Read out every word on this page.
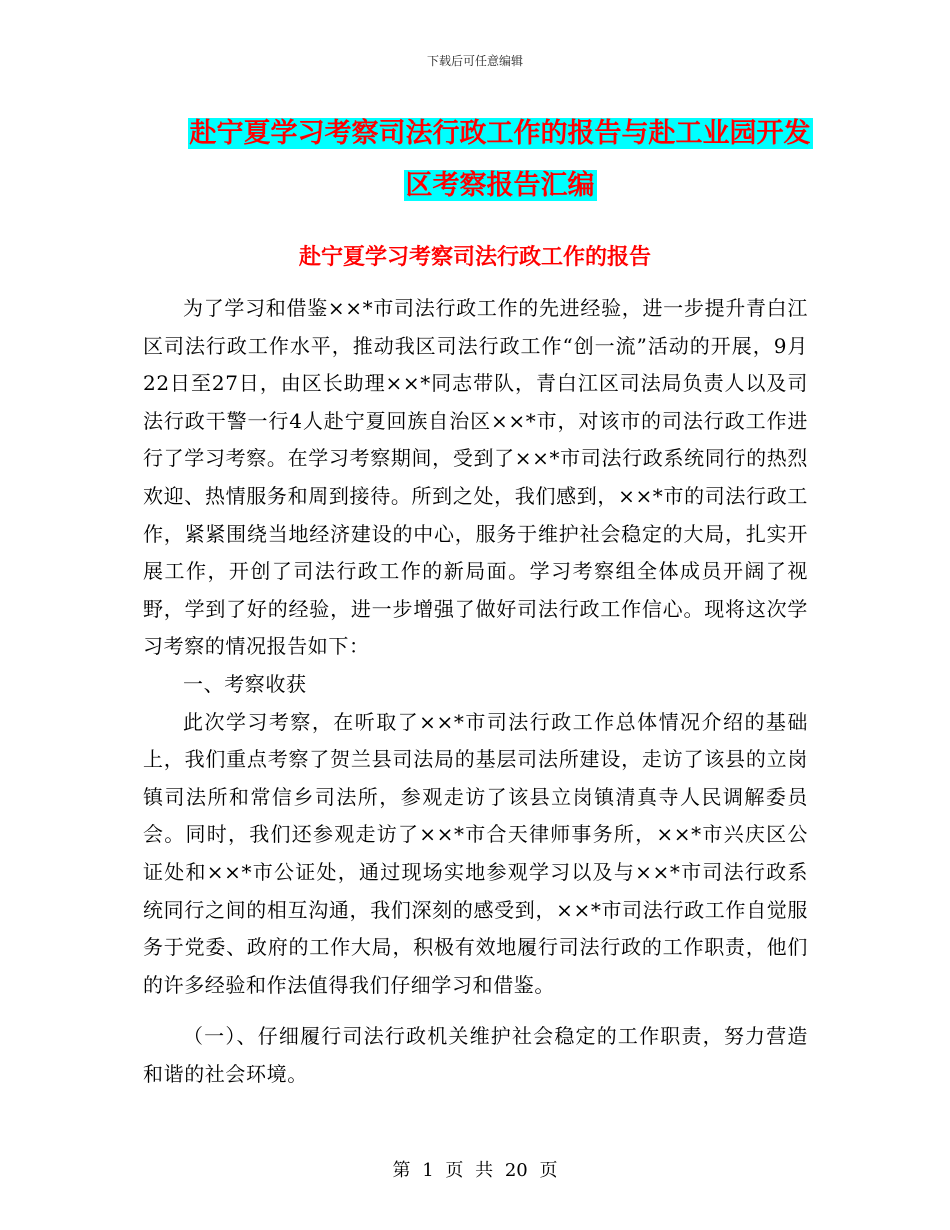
下载后可任意编辑
赴宁夏学习考察司法行政工作的报告与赴工业园开发
区考察报告汇编
赴宁夏学习考察司法行政工作的报告

为了学习和借鉴××*市司法行政工作的先进经验，进一步提升青白江区司法行政工作水平，推动我区司法行政工作“创一流”活动的开展，9月22日至27日，由区长助理××*同志带队，青白江区司法局负责人以及司法行政干警一行4人赴宁夏回族自治区××*市，对该市的司法行政工作进行了学习考察。在学习考察期间，受到了××*市司法行政系统同行的热烈欢迎、热情服务和周到接待。所到之处，我们感到，××*市的司法行政工作，紧紧围绕当地经济建设的中心，服务于维护社会稳定的大局，扎实开展工作，开创了司法行政工作的新局面。学习考察组全体成员开阔了视野，学到了好的经验，进一步增强了做好司法行政工作信心。现将这次学习考察的情况报告如下：

一、考察收获

此次学习考察，在听取了××*市司法行政工作总体情况介绍的基础上，我们重点考察了贺兰县司法局的基层司法所建设，走访了该县的立岗镇司法所和常信乡司法所，参观走访了该县立岗镇清真寺人民调解委员会。同时，我们还参观走访了××*市合天律师事务所，××*市兴庆区公证处和××*市公证处，通过现场实地参观学习以及与××*市司法行政系统同行之间的相互沟通，我们深刻的感受到，××*市司法行政工作自觉服务于党委、政府的工作大局，积极有效地履行司法行政的工作职责，他们的许多经验和作法值得我们仔细学习和借鉴。

（一）、仔细履行司法行政机关维护社会稳定的工作职责，努力营造和谐的社会环境。

第 1 页 共 20 页
